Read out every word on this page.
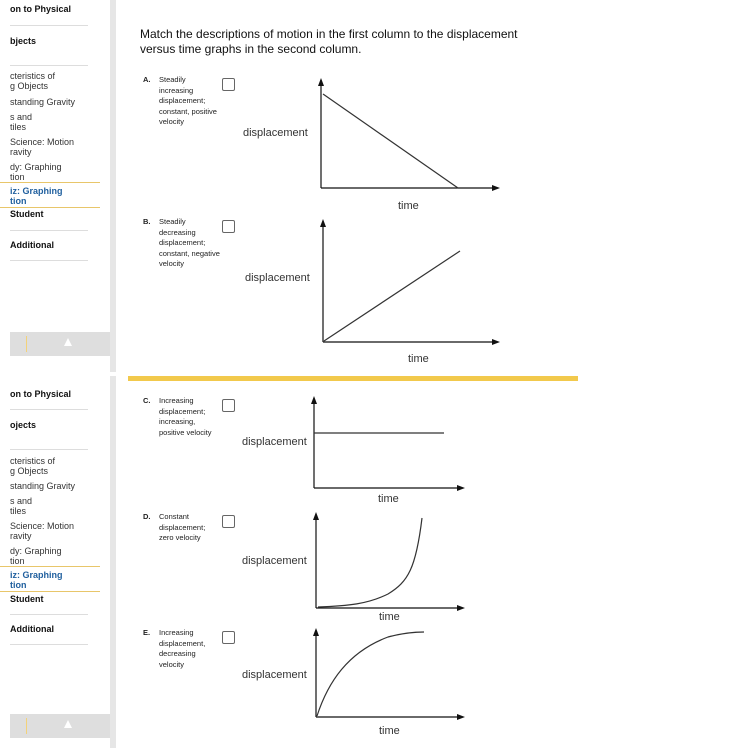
on to Physical
bjects
cteristics of
g Objects
standing Gravity
s and
tiles
Science: Motion
ravity
dy: Graphing
tion
iz: Graphing
tion
Student
Additional
Match the descriptions of motion in the first column to the displacement versus time graphs in the second column.
A. Steadily increasing displacement; constant, positive velocity
B. Steadily decreasing displacement; constant, negative velocity
displacement
time
displacement
time
on to Physical
ojects
cteristics of
g Objects
standing Gravity
s and
tiles
Science: Motion
ravity
dy: Graphing
tion
iz: Graphing
tion
Student
Additional
C. Increasing displacement; increasing, positive velocity
D. Constant displacement; zero velocity
E. Increasing displacement, decreasing velocity
displacement
time
displacement
time
displacement
time
